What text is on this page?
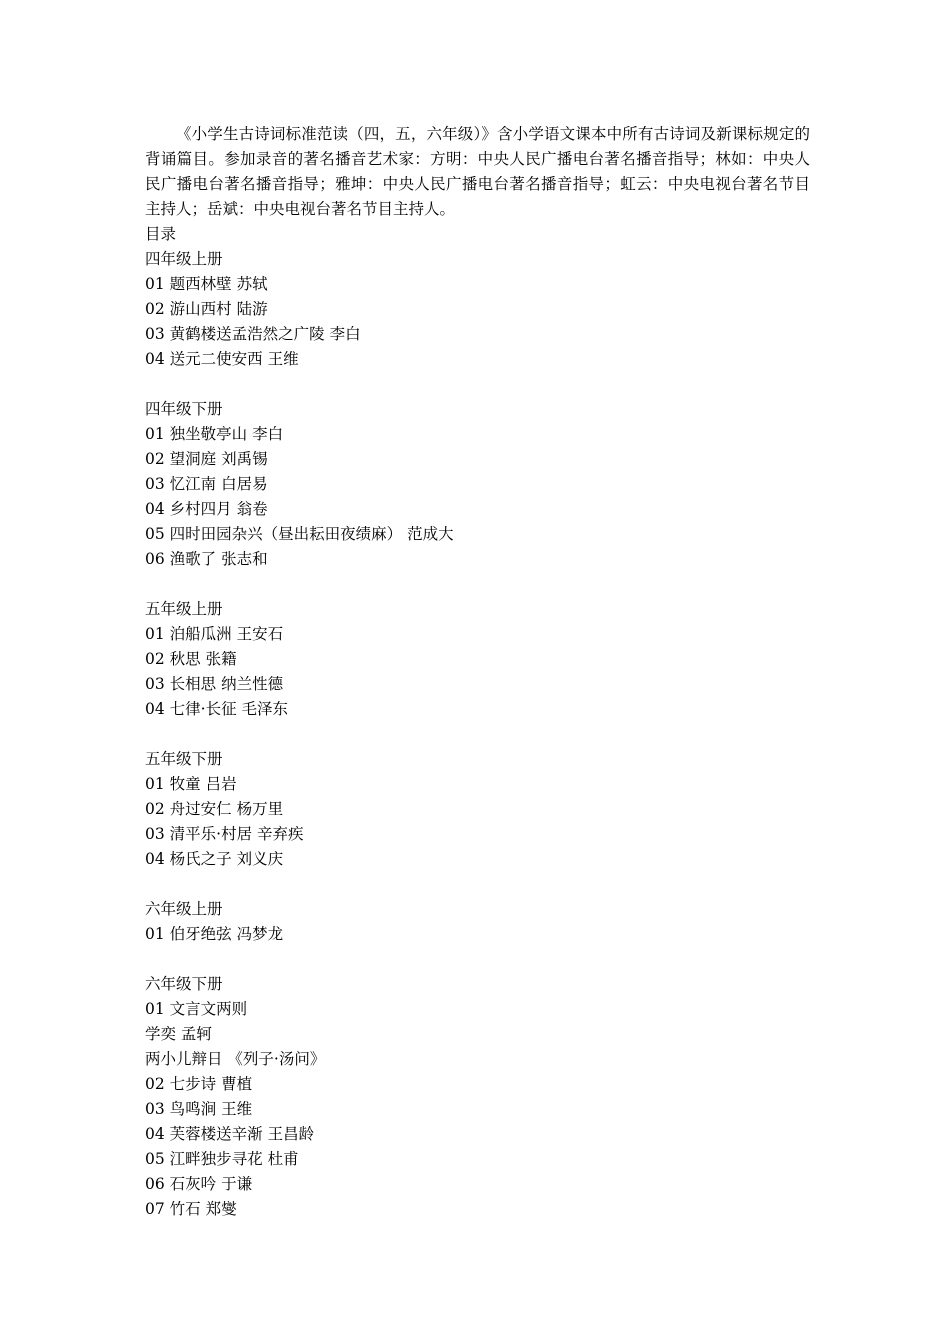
《小学生古诗词标准范读（四，五，六年级）》含小学语文课本中所有古诗词及新课标规定的背诵篇目。参加录音的著名播音艺术家：方明：中央人民广播电台著名播音指导；林如：中央人民广播电台著名播音指导；雅坤：中央人民广播电台著名播音指导；虹云：中央电视台著名节目主持人；岳斌：中央电视台著名节目主持人。

目录
四年级上册
01 题西林壁 苏轼
02 游山西村 陆游
03 黄鹤楼送孟浩然之广陵 李白
04 送元二使安西 王维
四年级下册
01 独坐敬亭山 李白
02 望洞庭 刘禹锡
03 忆江南 白居易
04 乡村四月 翁卷
05 四时田园杂兴（昼出耘田夜绩麻） 范成大
06 渔歌了 张志和
五年级上册
01 泊船瓜洲 王安石
02 秋思 张籍
03 长相思 纳兰性德
04 七律·长征 毛泽东
五年级下册
01 牧童 吕岩
02 舟过安仁 杨万里
03 清平乐·村居 辛弃疾
04 杨氏之子 刘义庆
六年级上册
01 伯牙绝弦 冯梦龙
六年级下册
01 文言文两则
学奕 孟轲
两小儿辩日 《列子·汤问》
02 七步诗 曹植
03 鸟鸣涧 王维
04 芙蓉楼送辛渐 王昌龄
05 江畔独步寻花 杜甫
06 石灰吟 于谦
07 竹石 郑燮
